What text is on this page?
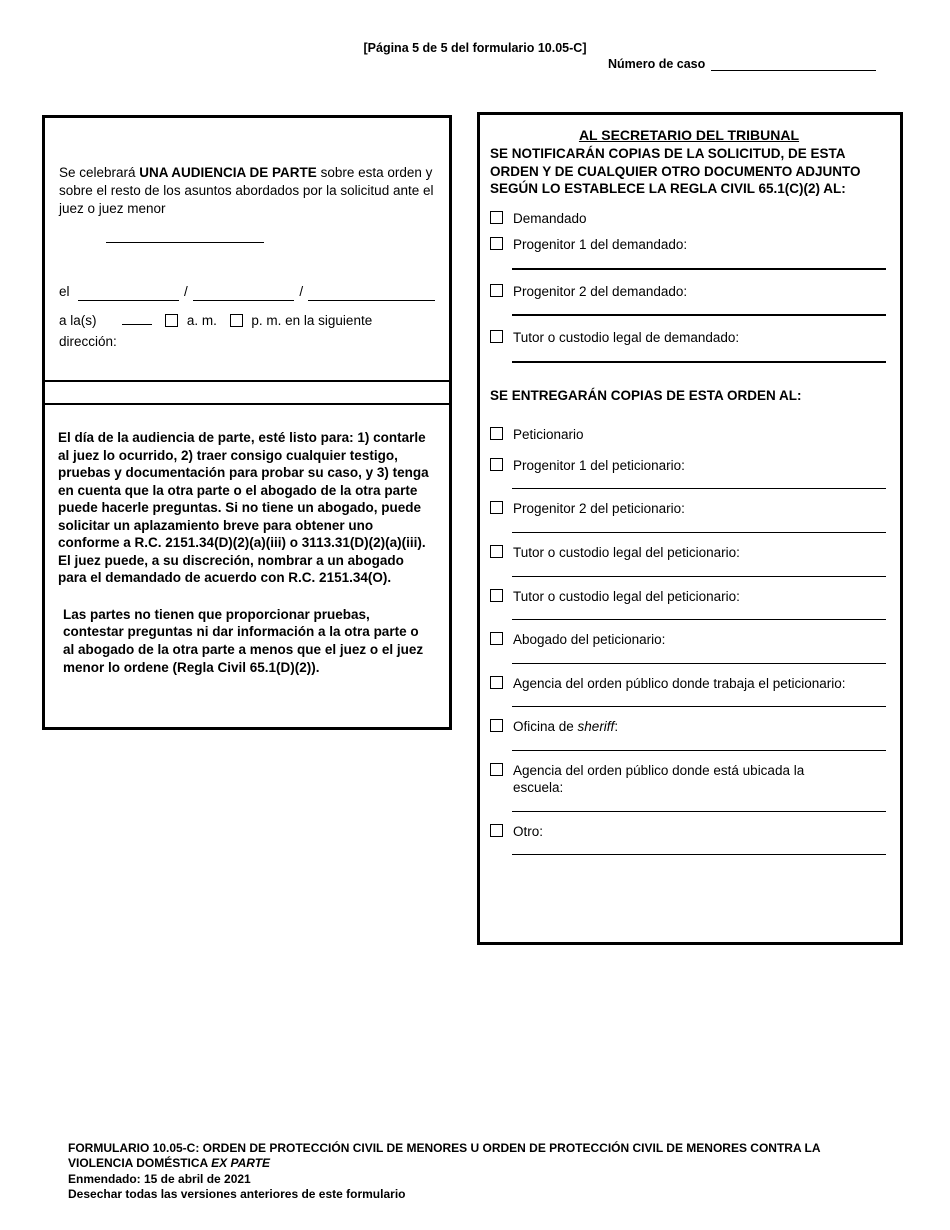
[Página 5 de 5 del formulario 10.05-C]
Número de caso

Se celebrará UNA AUDIENCIA DE PARTE sobre esta orden y sobre el resto de los asuntos abordados por la solicitud ante el juez o juez menor

el	/	/

a la(s)	a. m.	p. m. en la siguiente dirección:

El día de la audiencia de parte, esté listo para: 1) contarle al juez lo ocurrido, 2) traer consigo cualquier testigo, pruebas y documentación para probar su caso, y 3) tenga en cuenta que la otra parte o el abogado de la otra parte puede hacerle preguntas. Si no tiene un abogado, puede solicitar un aplazamiento breve para obtener uno conforme a R.C. 2151.34(D)(2)(a)(iii) o 3113.31(D)(2)(a)(iii). El juez puede, a su discreción, nombrar a un abogado para el demandado de acuerdo con R.C. 2151.34(O).

Las partes no tienen que proporcionar pruebas, contestar preguntas ni dar información a la otra parte o al abogado de la otra parte a menos que el juez o el juez menor lo ordene (Regla Civil 65.1(D)(2)).

AL SECRETARIO DEL TRIBUNAL

SE NOTIFICARÁN COPIAS DE LA SOLICITUD, DE ESTA ORDEN Y DE CUALQUIER OTRO DOCUMENTO ADJUNTO SEGÚN LO ESTABLECE LA REGLA CIVIL 65.1(C)(2) AL:

Demandado
Progenitor 1 del demandado:
Progenitor 2 del demandado:
Tutor o custodio legal de demandado:

SE ENTREGARÁN COPIAS DE ESTA ORDEN AL:

Peticionario
Progenitor 1 del peticionario:
Progenitor 2 del peticionario:
Tutor o custodio legal del peticionario:
Tutor o custodio legal del peticionario:
Abogado del peticionario:
Agencia del orden público donde trabaja el peticionario:
Oficina de sheriff:
Agencia del orden público donde está ubicada la escuela:
Otro:
FORMULARIO 10.05-C: ORDEN DE PROTECCIÓN CIVIL DE MENORES U ORDEN DE PROTECCIÓN CIVIL DE MENORES CONTRA LA
VIOLENCIA DOMÉSTICA EX PARTE
Enmendado: 15 de abril de 2021
Desechar todas las versiones anteriores de este formulario
